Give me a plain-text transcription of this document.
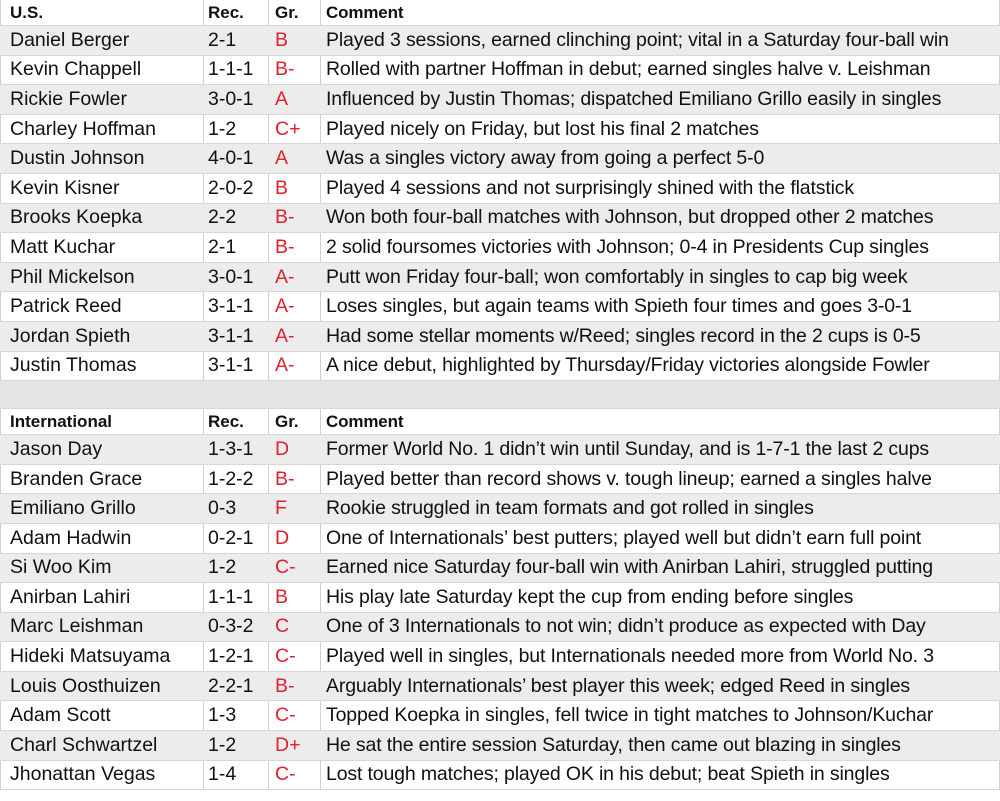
U.S.	Rec.	Gr.	Comment
Daniel Berger	2-1	B	Played 3 sessions, earned clinching point; vital in a Saturday four-ball win
Kevin Chappell	1-1-1	B-	Rolled with partner Hoffman in debut; earned singles halve v. Leishman
Rickie Fowler	3-0-1	A	Influenced by Justin Thomas; dispatched Emiliano Grillo easily in singles
Charley Hoffman	1-2	C+	Played nicely on Friday, but lost his final 2 matches
Dustin Johnson	4-0-1	A	Was a singles victory away from going a perfect 5-0
Kevin Kisner	2-0-2	B	Played 4 sessions and not surprisingly shined with the flatstick
Brooks Koepka	2-2	B-	Won both four-ball matches with Johnson, but dropped other 2 matches
Matt Kuchar	2-1	B-	2 solid foursomes victories with Johnson; 0-4 in Presidents Cup singles
Phil Mickelson	3-0-1	A-	Putt won Friday four-ball; won comfortably in singles to cap big week
Patrick Reed	3-1-1	A-	Loses singles, but again teams with Spieth four times and goes 3-0-1
Jordan Spieth	3-1-1	A-	Had some stellar moments w/Reed; singles record in the 2 cups is 0-5
Justin Thomas	3-1-1	A-	A nice debut, highlighted by Thursday/Friday victories alongside Fowler
International	Rec.	Gr.	Comment
Jason Day	1-3-1	D	Former World No. 1 didn’t win until Sunday, and is 1-7-1 the last 2 cups
Branden Grace	1-2-2	B-	Played better than record shows v. tough lineup; earned a singles halve
Emiliano Grillo	0-3	F	Rookie struggled in team formats and got rolled in singles
Adam Hadwin	0-2-1	D	One of Internationals’ best putters; played well but didn’t earn full point
Si Woo Kim	1-2	C-	Earned nice Saturday four-ball win with Anirban Lahiri, struggled putting
Anirban Lahiri	1-1-1	B	His play late Saturday kept the cup from ending before singles
Marc Leishman	0-3-2	C	One of 3 Internationals to not win; didn’t produce as expected with Day
Hideki Matsuyama	1-2-1	C-	Played well in singles, but Internationals needed more from World No. 3
Louis Oosthuizen	2-2-1	B-	Arguably Internationals’ best player this week; edged Reed in singles
Adam Scott	1-3	C-	Topped Koepka in singles, fell twice in tight matches to Johnson/Kuchar
Charl Schwartzel	1-2	D+	He sat the entire session Saturday, then came out blazing in singles
Jhonattan Vegas	1-4	C-	Lost tough matches; played OK in his debut; beat Spieth in singles
